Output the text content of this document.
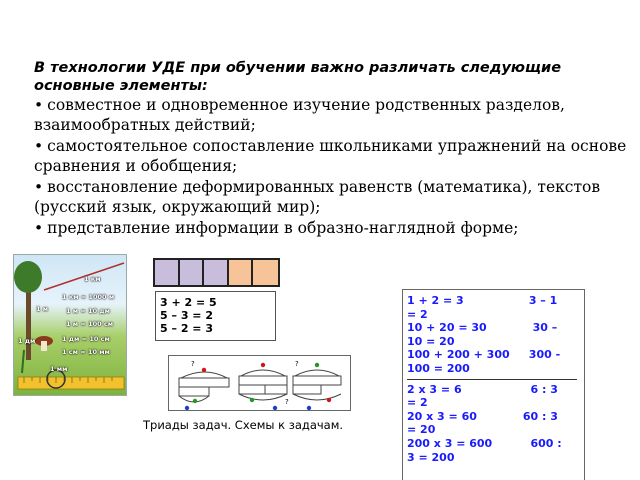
В технологии УДЕ при обучении важно различать следующие основные элементы:
• совместное и одновременное изучение родственных разделов, взаимообратных действий;
• самостоятельное сопоставление школьниками упражнений на основе сравнения и обобщения;
• восстановление деформированных равенств (математика), текстов (русский язык, окружающий мир);
• представление информации в образно-наглядной форме;
1 км
1 км = 1000 м
1 м	1 м = 10 дм
1 м = 100 см
1 дм	1 дм = 10 см
1 см = 10 мм
1 мм
3 + 2 = 5
5 – 3 = 2
5 – 2 = 3
?
?
?
Триады задач. Схемы к задачам.
1 + 2 = 3                 3 – 1
= 2
10 + 20 = 30            30 –
10 = 20
100 + 200 + 300     300 -
100 = 200
2 x 3 = 6                  6 : 3
= 2
20 x 3 = 60            60 : 3
= 20
200 x 3 = 600          600 :
3 = 200
